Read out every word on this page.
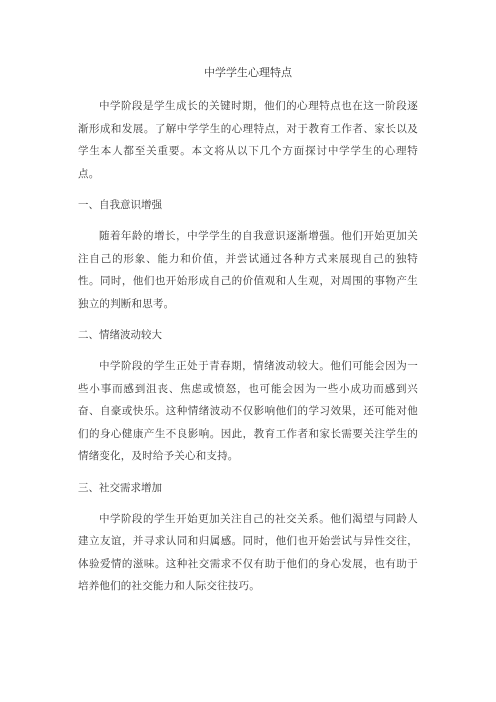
中学学生心理特点

中学阶段是学生成长的关键时期，他们的心理特点也在这一阶段逐渐形成和发展。了解中学学生的心理特点，对于教育工作者、家长以及学生本人都至关重要。本文将从以下几个方面探讨中学学生的心理特点。

一、自我意识增强

随着年龄的增长，中学学生的自我意识逐渐增强。他们开始更加关注自己的形象、能力和价值，并尝试通过各种方式来展现自己的独特性。同时，他们也开始形成自己的价值观和人生观，对周围的事物产生独立的判断和思考。

二、情绪波动较大

中学阶段的学生正处于青春期，情绪波动较大。他们可能会因为一些小事而感到沮丧、焦虑或愤怒，也可能会因为一些小成功而感到兴奋、自豪或快乐。这种情绪波动不仅影响他们的学习效果，还可能对他们的身心健康产生不良影响。因此，教育工作者和家长需要关注学生的情绪变化，及时给予关心和支持。

三、社交需求增加

中学阶段的学生开始更加关注自己的社交关系。他们渴望与同龄人建立友谊，并寻求认同和归属感。同时，他们也开始尝试与异性交往，体验爱情的滋味。这种社交需求不仅有助于他们的身心发展，也有助于培养他们的社交能力和人际交往技巧。
